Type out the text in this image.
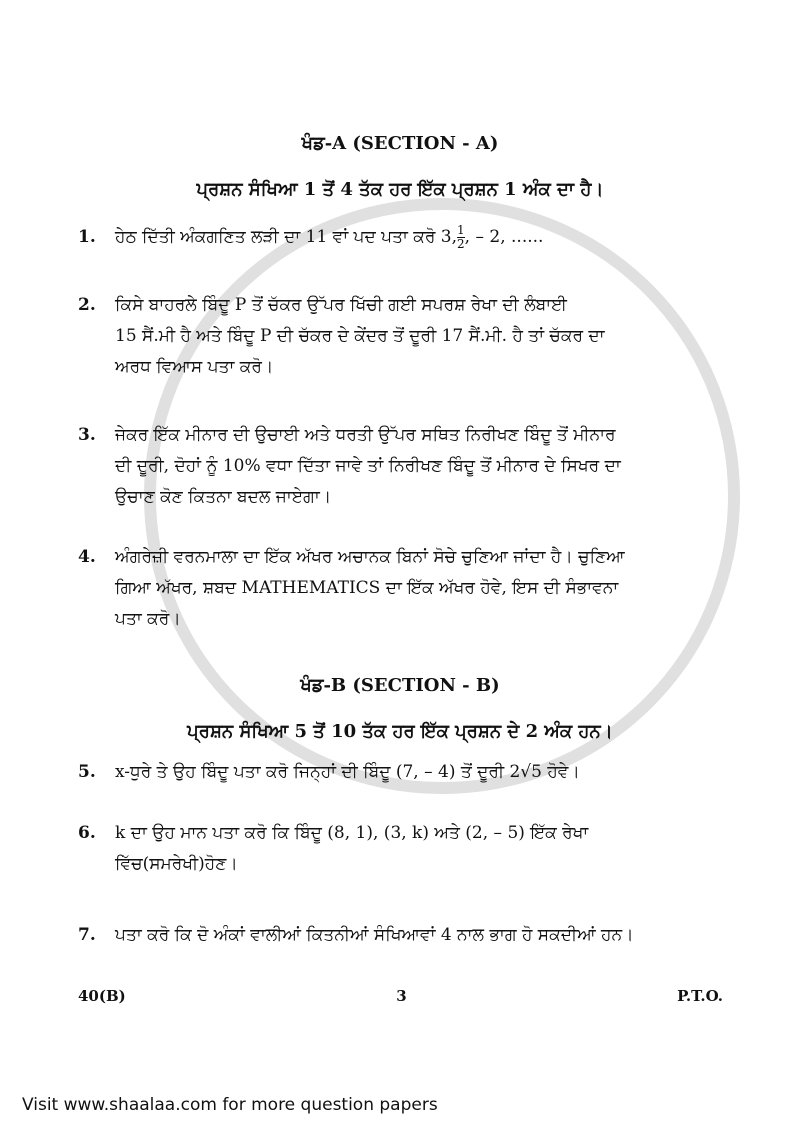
ਖੰਡ-A (SECTION - A)
ਪ੍ਰਸ਼ਨ ਸੰਖਿਆ 1 ਤੋਂ 4 ਤੱਕ ਹਰ ਇੱਕ ਪ੍ਰਸ਼ਨ 1 ਅੰਕ ਦਾ ਹੈ।
1.	ਹੇਠ ਦਿੱਤੀ ਅੰਕਗਣਿਤ ਲੜੀ ਦਾ 11 ਵਾਂ ਪਦ ਪਤਾ ਕਰੋ 3, $\frac{1}{2}$ , – 2, ......
2.	ਕਿਸੇ ਬਾਹਰਲੇ ਬਿੰਦੂ P ਤੋਂ ਚੱਕਰ ਉੱਪਰ ਖਿੱਚੀ ਗਈ ਸਪਰਸ਼ ਰੇਖਾ ਦੀ ਲੰਬਾਈ
15 ਸੈਂ.ਮੀ ਹੈ ਅਤੇ ਬਿੰਦੂ P ਦੀ ਚੱਕਰ ਦੇ ਕੇਂਦਰ ਤੋਂ ਦੂਰੀ 17 ਸੈਂ.ਮੀ. ਹੈ ਤਾਂ ਚੱਕਰ ਦਾ
ਅਰਧ ਵਿਆਸ ਪਤਾ ਕਰੋ।
3.	ਜੇਕਰ ਇੱਕ ਮੀਨਾਰ ਦੀ ਉਚਾਈ ਅਤੇ ਧਰਤੀ ਉੱਪਰ ਸਥਿਤ ਨਿਰੀਖਣ ਬਿੰਦੂ ਤੋਂ ਮੀਨਾਰ
ਦੀ ਦੂਰੀ, ਦੋਹਾਂ ਨੂੰ 10% ਵਧਾ ਦਿੱਤਾ ਜਾਵੇ ਤਾਂ ਨਿਰੀਖਣ ਬਿੰਦੂ ਤੋਂ ਮੀਨਾਰ ਦੇ ਸਿਖਰ ਦਾ
ਉਚਾਣ ਕੋਣ ਕਿਤਨਾ ਬਦਲ ਜਾਏਗਾ।
4.	ਅੰਗਰੇਜ਼ੀ ਵਰਨਮਾਲਾ ਦਾ ਇੱਕ ਅੱਖਰ ਅਚਾਨਕ ਬਿਨਾਂ ਸੋਚੇ ਚੁਣਿਆ ਜਾਂਦਾ ਹੈ। ਚੁਣਿਆ
ਗਿਆ ਅੱਖਰ, ਸ਼ਬਦ MATHEMATICS ਦਾ ਇੱਕ ਅੱਖਰ ਹੋਵੇ, ਇਸ ਦੀ ਸੰਭਾਵਨਾ
ਪਤਾ ਕਰੋ।
ਖੰਡ-B (SECTION - B)
ਪ੍ਰਸ਼ਨ ਸੰਖਿਆ 5 ਤੋਂ 10 ਤੱਕ ਹਰ ਇੱਕ ਪ੍ਰਸ਼ਨ ਦੇ 2 ਅੰਕ ਹਨ।
5.	x-ਧੁਰੇ ਤੇ ਉਹ ਬਿੰਦੂ ਪਤਾ ਕਰੋ ਜਿਨ੍ਹਾਂ ਦੀ ਬਿੰਦੂ (7, – 4) ਤੋਂ ਦੂਰੀ 2√5 ਹੋਵੇ।
6.	k ਦਾ ਉਹ ਮਾਨ ਪਤਾ ਕਰੋ ਕਿ ਬਿੰਦੂ (8, 1), (3, k) ਅਤੇ (2, – 5) ਇੱਕ ਰੇਖਾ
ਵਿੱਚ(ਸਮਰੇਖੀ)ਹੋਣ।
7.	ਪਤਾ ਕਰੋ ਕਿ ਦੋ ਅੰਕਾਂ ਵਾਲੀਆਂ ਕਿਤਨੀਆਂ ਸੰਖਿਆਵਾਂ 4 ਨਾਲ ਭਾਗ ਹੋ ਸਕਦੀਆਂ ਹਨ।
40(B)	3	P.T.O.
Visit www.shaalaa.com for more question papers
